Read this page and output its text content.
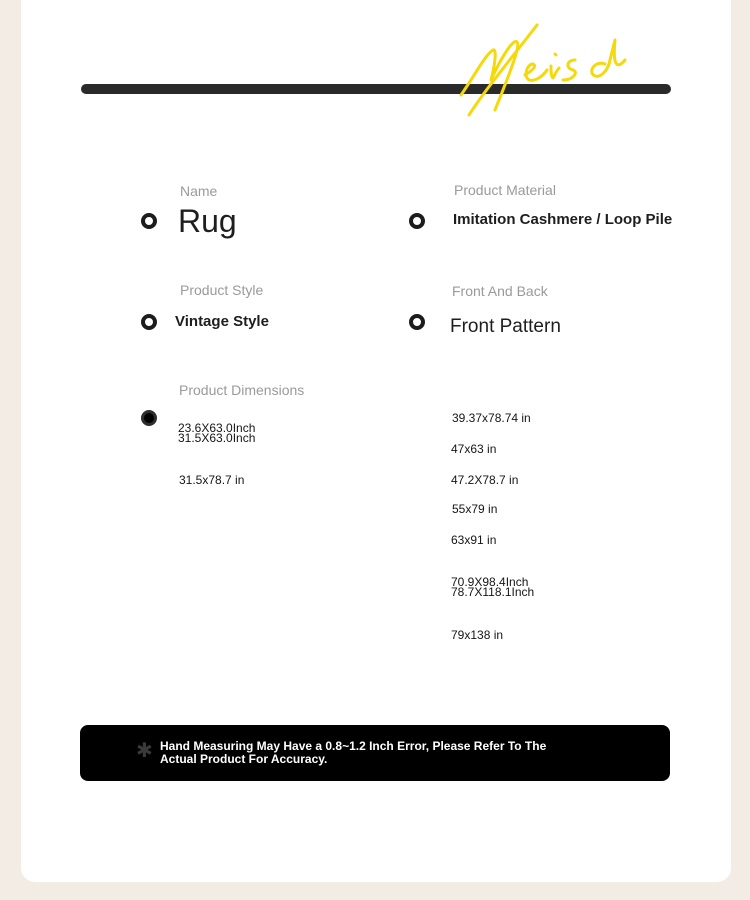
Name
Rug
Product Material
Imitation Cashmere / Loop Pile
Product Style
Vintage Style
Front And Back
Front Pattern
Product Dimensions
23.6X63.0Inch
31.5X63.0Inch
31.5x78.7 in
39.37x78.74 in
47x63 in
47.2X78.7 in
55x79 in
63x91 in
70.9X98.4Inch
78.7X118.1Inch
79x138 in
✱ Hand Measuring May Have a 0.8~1.2 Inch Error, Please Refer To The Actual Product For Accuracy.
